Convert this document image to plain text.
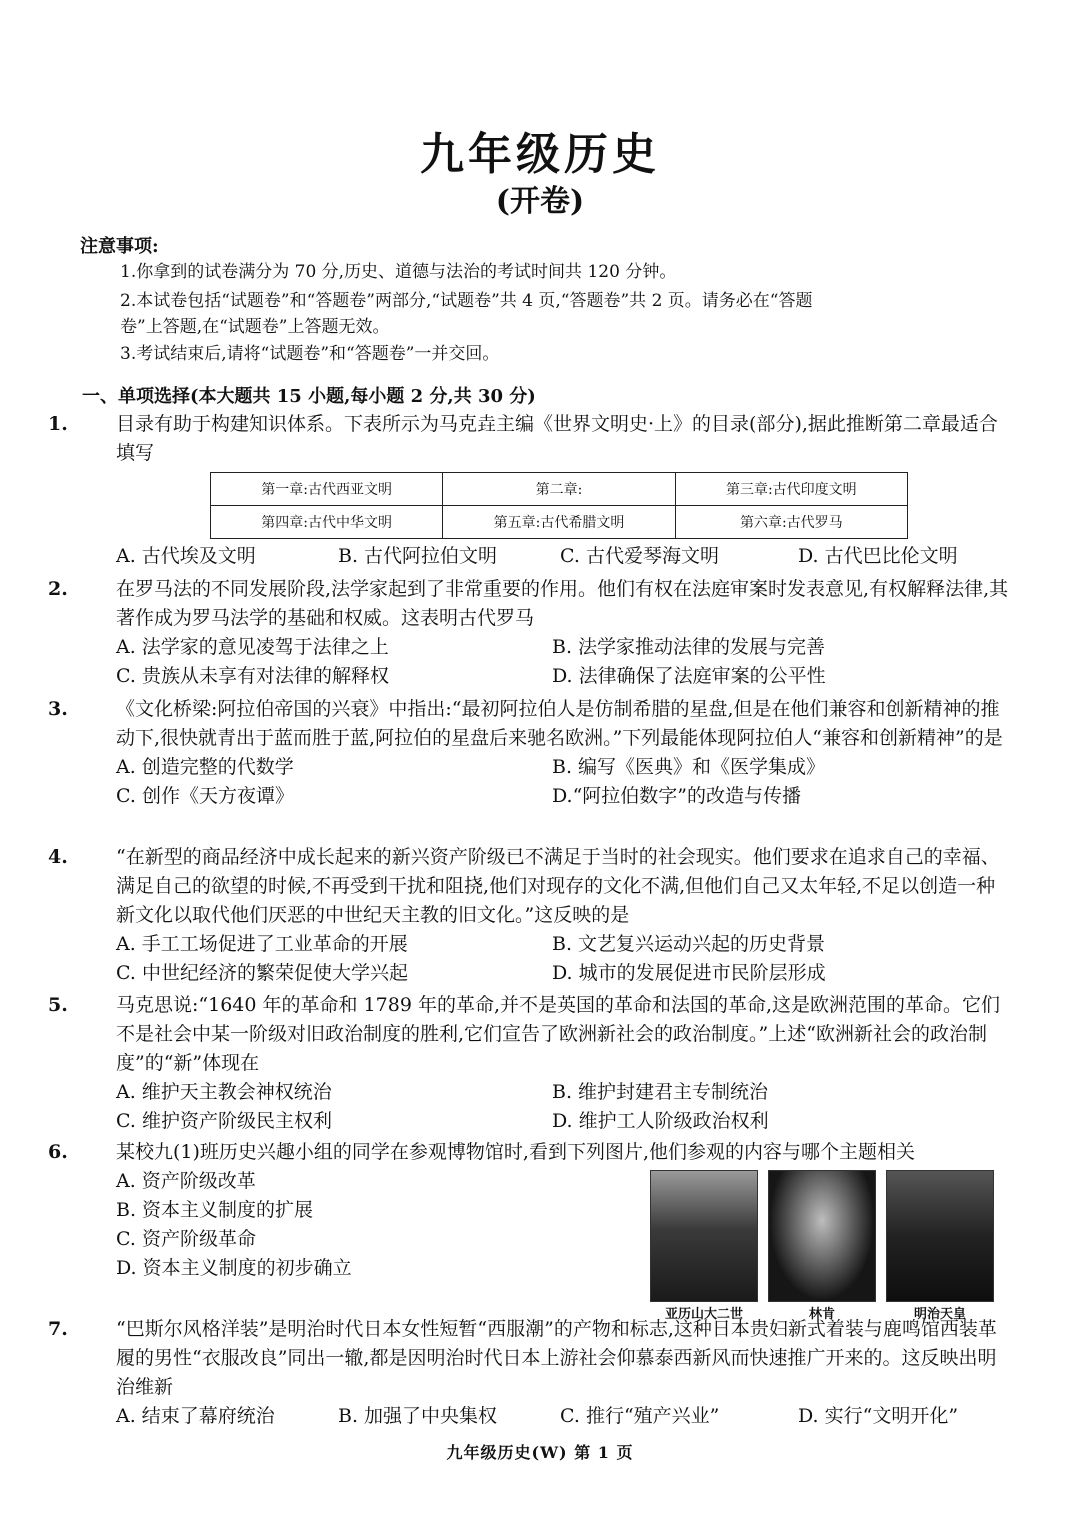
九年级历史
(开卷)
注意事项:
1.你拿到的试卷满分为 70 分,历史、道德与法治的考试时间共 120 分钟。
2.本试卷包括“试题卷”和“答题卷”两部分,“试题卷”共 4 页,“答题卷”共 2 页。请务必在“答题
卷”上答题,在“试题卷”上答题无效。
3.考试结束后,请将“试题卷”和“答题卷”一并交回。
一、单项选择(本大题共 15 小题,每小题 2 分,共 30 分)
1.	目录有助于构建知识体系。下表所示为马克垚主编《世界文明史·上》的目录(部分),据此推断第二章最适合填写
第一章:古代西亚文明	第二章:	第三章:古代印度文明
第四章:古代中华文明	第五章:古代希腊文明	第六章:古代罗马
A. 古代埃及文明	B. 古代阿拉伯文明	C. 古代爱琴海文明	D. 古代巴比伦文明
2.	在罗马法的不同发展阶段,法学家起到了非常重要的作用。他们有权在法庭审案时发表意见,有权解释法律,其著作成为罗马法学的基础和权威。这表明古代罗马
A. 法学家的意见凌驾于法律之上	B. 法学家推动法律的发展与完善
C. 贵族从未享有对法律的解释权	D. 法律确保了法庭审案的公平性
3.	《文化桥梁:阿拉伯帝国的兴衰》中指出:“最初阿拉伯人是仿制希腊的星盘,但是在他们兼容和创新精神的推动下,很快就青出于蓝而胜于蓝,阿拉伯的星盘后来驰名欧洲。”下列最能体现阿拉伯人“兼容和创新精神”的是
A. 创造完整的代数学	B. 编写《医典》和《医学集成》
C. 创作《天方夜谭》	D.“阿拉伯数字”的改造与传播
4.	“在新型的商品经济中成长起来的新兴资产阶级已不满足于当时的社会现实。他们要求在追求自己的幸福、满足自己的欲望的时候,不再受到干扰和阻挠,他们对现存的文化不满,但他们自己又太年轻,不足以创造一种新文化以取代他们厌恶的中世纪天主教的旧文化。”这反映的是
A. 手工工场促进了工业革命的开展	B. 文艺复兴运动兴起的历史背景
C. 中世纪经济的繁荣促使大学兴起	D. 城市的发展促进市民阶层形成
5.	马克思说:“1640 年的革命和 1789 年的革命,并不是英国的革命和法国的革命,这是欧洲范围的革命。它们不是社会中某一阶级对旧政治制度的胜利,它们宣告了欧洲新社会的政治制度。”上述“欧洲新社会的政治制度”的“新”体现在
A. 维护天主教会神权统治	B. 维护封建君主专制统治
C. 维护资产阶级民主权利	D. 维护工人阶级政治权利
6.	某校九(1)班历史兴趣小组的同学在参观博物馆时,看到下列图片,他们参观的内容与哪个主题相关
A. 资产阶级改革
B. 资本主义制度的扩展
C. 资产阶级革命
D. 资本主义制度的初步确立
亚历山大二世	林肯	明治天皇
7.	“巴斯尔风格洋装”是明治时代日本女性短暂“西服潮”的产物和标志,这种日本贵妇新式着装与鹿鸣馆西装革履的男性“衣服改良”同出一辙,都是因明治时代日本上游社会仰慕泰西新风而快速推广开来的。这反映出明治维新
A. 结束了幕府统治	B. 加强了中央集权	C. 推行“殖产兴业”	D. 实行“文明开化”
九年级历史(W) 第 1 页
